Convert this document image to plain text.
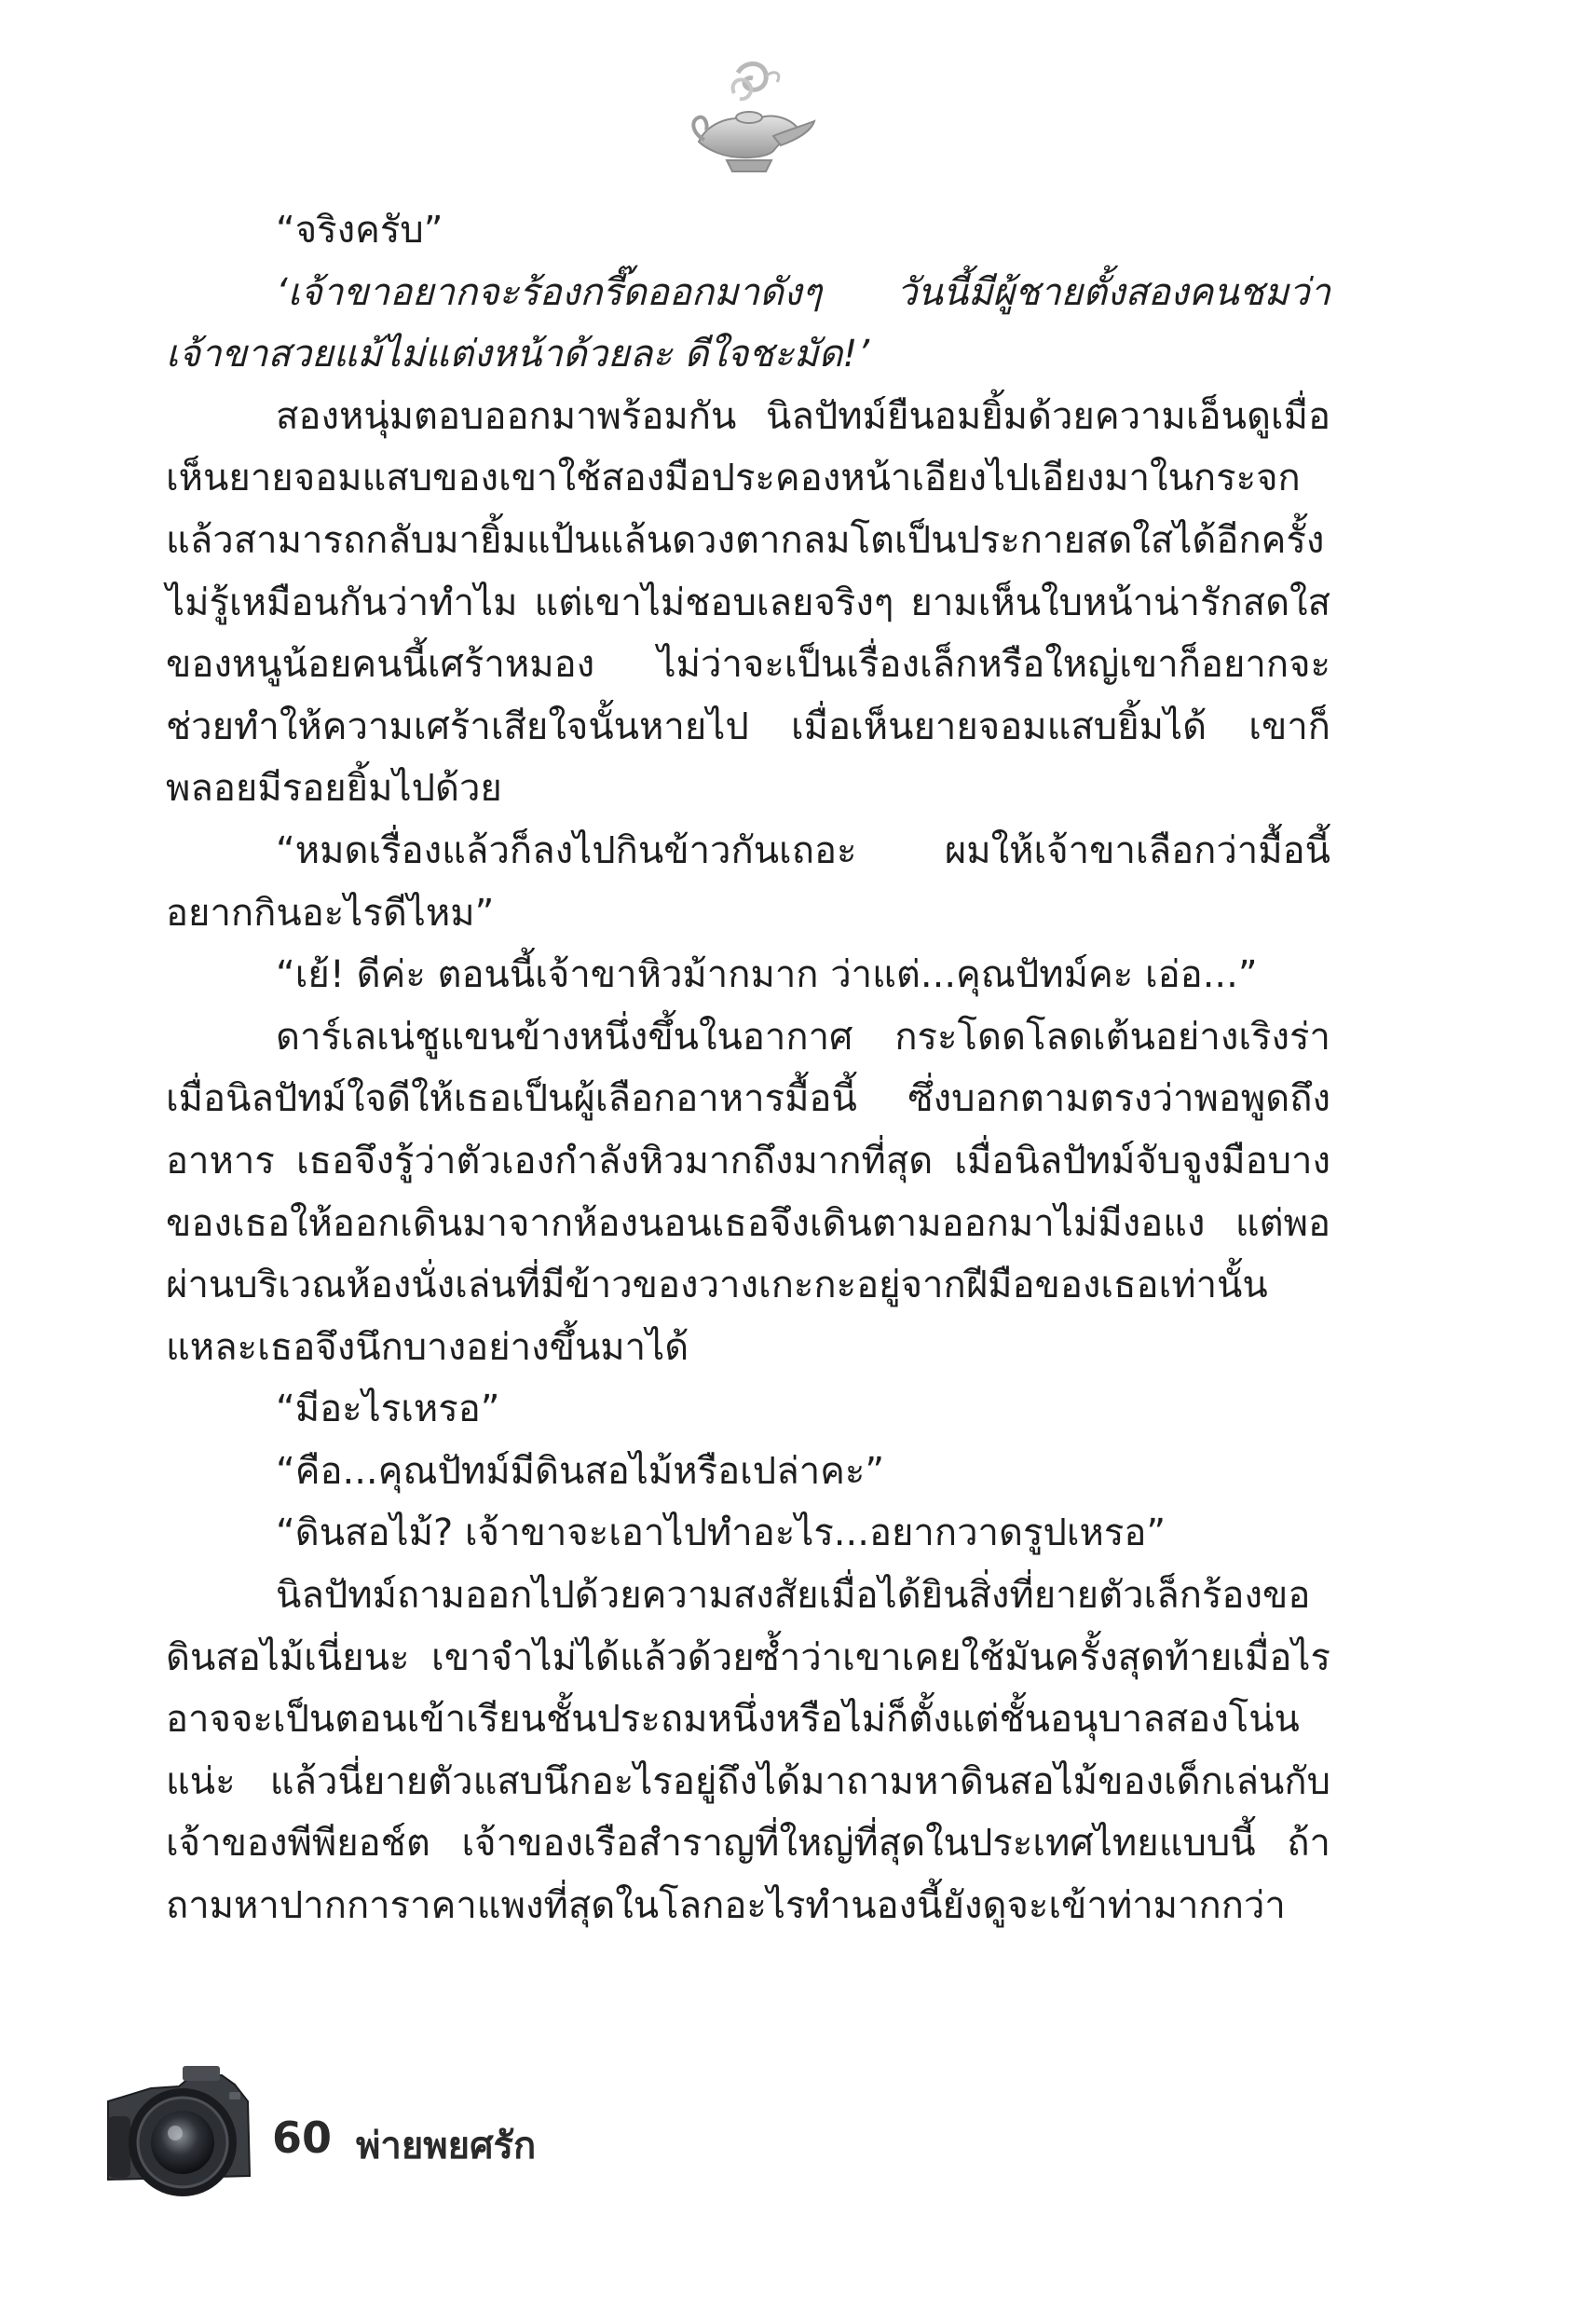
“จริงครับ”

‘เจ้าขาอยากจะร้องกรี๊ดออกมาดังๆ วันนี้มีผู้ชายตั้งสองคนชมว่าเจ้าขาสวยแม้ไม่แต่งหน้าด้วยละ ดีใจชะมัด!’

สองหนุ่มตอบออกมาพร้อมกัน นิลปัทม์ยืนอมยิ้มด้วยความเอ็นดูเมื่อเห็นยายจอมแสบของเขาใช้สองมือประคองหน้าเอียงไปเอียงมาในกระจกแล้วสามารถกลับมายิ้มแป้นแล้นดวงตากลมโตเป็นประกายสดใสได้อีกครั้ง ไม่รู้เหมือนกันว่าทำไม แต่เขาไม่ชอบเลยจริงๆ ยามเห็นใบหน้าน่ารักสดใสของหนูน้อยคนนี้เศร้าหมอง ไม่ว่าจะเป็นเรื่องเล็กหรือใหญ่เขาก็อยากจะช่วยทำให้ความเศร้าเสียใจนั้นหายไป เมื่อเห็นยายจอมแสบยิ้มได้ เขาก็พลอยมีรอยยิ้มไปด้วย

“หมดเรื่องแล้วก็ลงไปกินข้าวกันเถอะ ผมให้เจ้าขาเลือกว่ามื้อนี้อยากกินอะไรดีไหม”

“เย้! ดีค่ะ ตอนนี้เจ้าขาหิวม้ากมาก ว่าแต่...คุณปัทม์คะ เอ่อ...”

ดาร์เลเน่ชูแขนข้างหนึ่งขึ้นในอากาศ กระโดดโลดเต้นอย่างเริงร่าเมื่อนิลปัทม์ใจดีให้เธอเป็นผู้เลือกอาหารมื้อนี้ ซึ่งบอกตามตรงว่าพอพูดถึงอาหาร เธอจึงรู้ว่าตัวเองกำลังหิวมากถึงมากที่สุด เมื่อนิลปัทม์จับจูงมือบางของเธอให้ออกเดินมาจากห้องนอนเธอจึงเดินตามออกมาไม่มีงอแง แต่พอผ่านบริเวณห้องนั่งเล่นที่มีข้าวของวางเกะกะอยู่จากฝีมือของเธอเท่านั้นแหละเธอจึงนึกบางอย่างขึ้นมาได้

“มีอะไรเหรอ”

“คือ...คุณปัทม์มีดินสอไม้หรือเปล่าคะ”

“ดินสอไม้? เจ้าขาจะเอาไปทำอะไร...อยากวาดรูปเหรอ”

นิลปัทม์ถามออกไปด้วยความสงสัยเมื่อได้ยินสิ่งที่ยายตัวเล็กร้องขอดินสอไม้เนี่ยนะ เขาจำไม่ได้แล้วด้วยซ้ำว่าเขาเคยใช้มันครั้งสุดท้ายเมื่อไรอาจจะเป็นตอนเข้าเรียนชั้นประถมหนึ่งหรือไม่ก็ตั้งแต่ชั้นอนุบาลสองโน่นแน่ะ แล้วนี่ยายตัวแสบนึกอะไรอยู่ถึงได้มาถามหาดินสอไม้ของเด็กเล่นกับเจ้าของพีพียอช์ต เจ้าของเรือสำราญที่ใหญ่ที่สุดในประเทศไทยแบบนี้ ถ้าถามหาปากการาคาแพงที่สุดในโลกอะไรทำนองนี้ยังดูจะเข้าท่ามากกว่า

60 พ่ายพยศรัก
